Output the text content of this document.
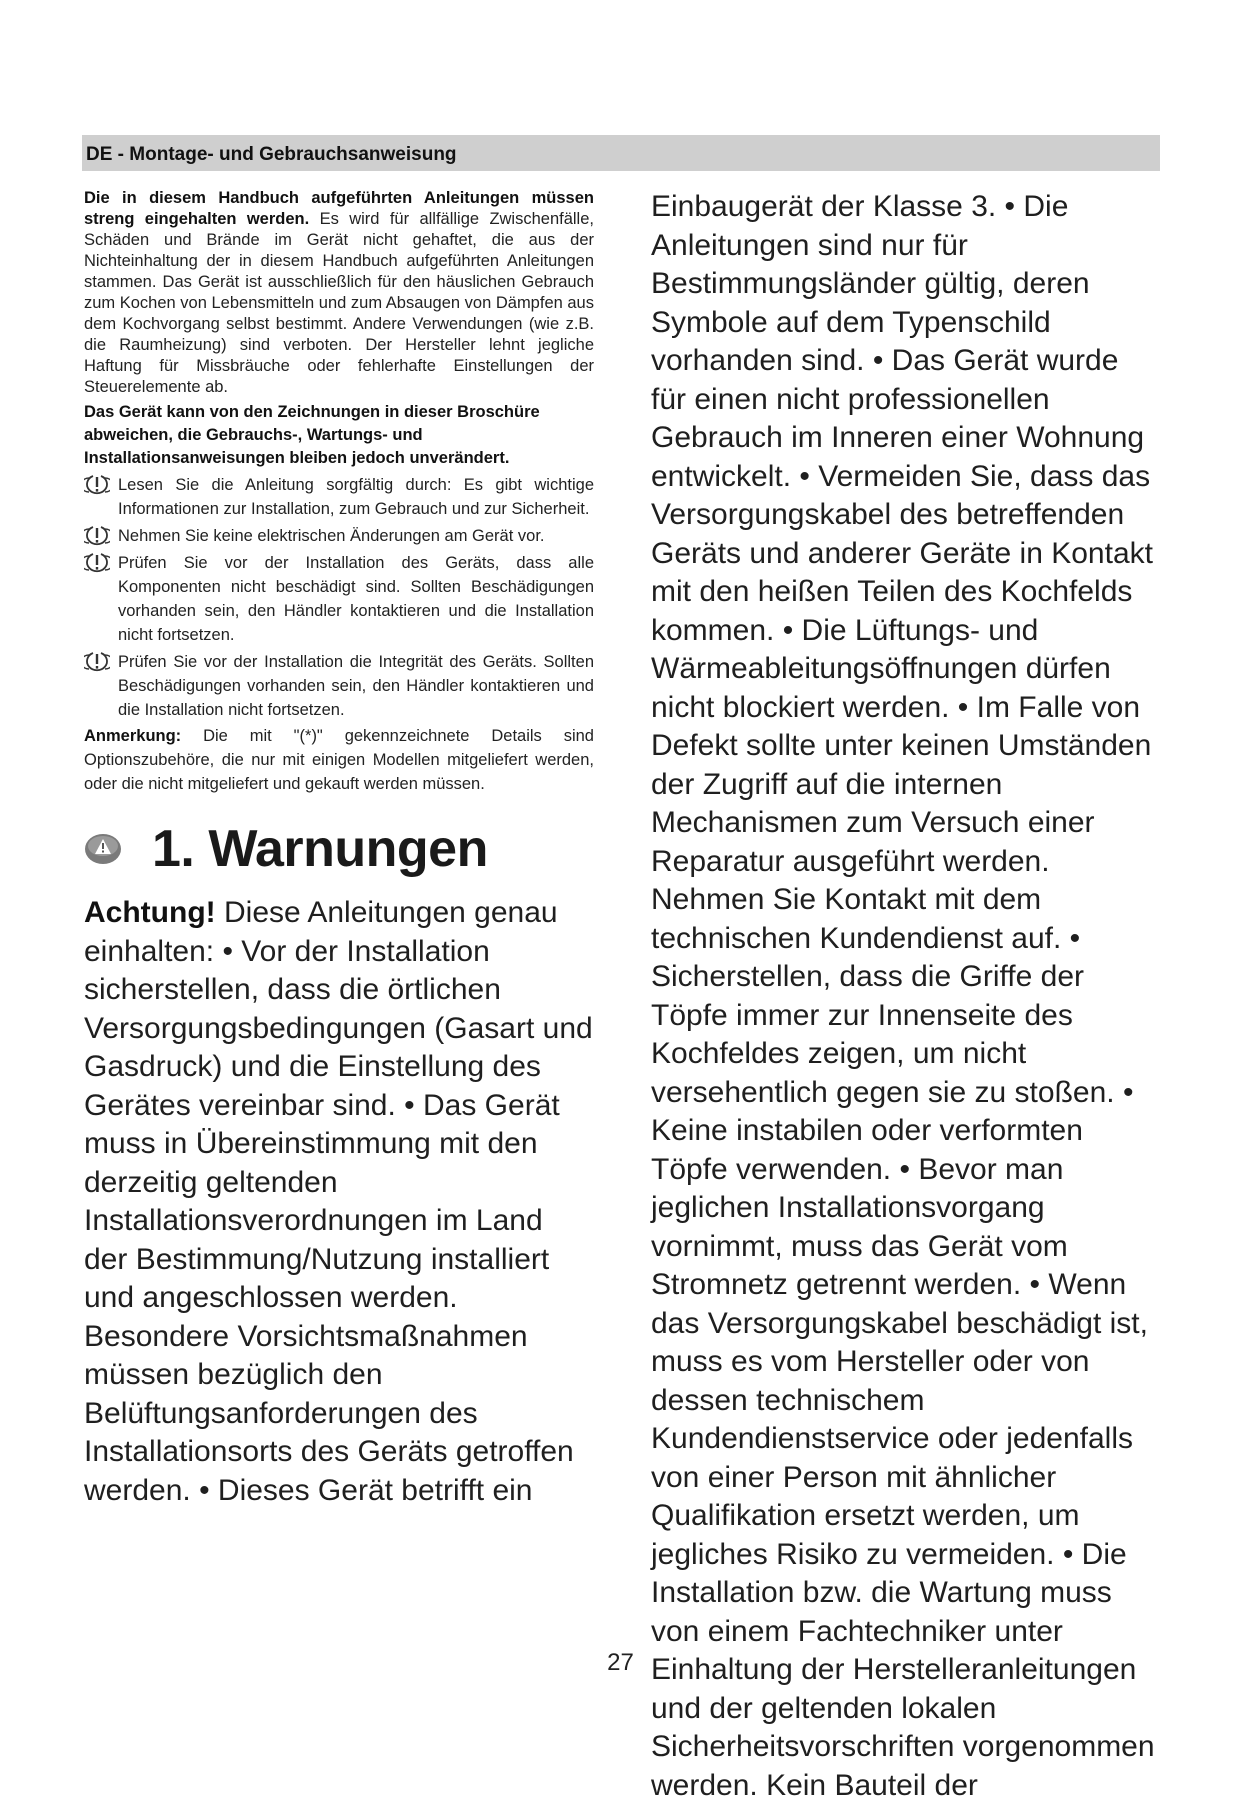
DE - Montage- und Gebrauchsanweisung

Die in diesem Handbuch aufgeführten Anleitungen müssen streng eingehalten werden. Es wird für allfällige Zwischenfälle, Schäden und Brände im Gerät nicht gehaftet, die aus der Nichteinhaltung der in diesem Handbuch aufgeführten Anleitungen stammen. Das Gerät ist ausschließlich für den häuslichen Gebrauch zum Kochen von Lebensmitteln und zum Absaugen von Dämpfen aus dem Kochvorgang selbst bestimmt. Andere Verwendungen (wie z.B. die Raumheizung) sind verboten. Der Hersteller lehnt jegliche Haftung für Missbräuche oder fehlerhafte Einstellungen der Steuerelemente ab.

Das Gerät kann von den Zeichnungen in dieser Broschüre abweichen, die Gebrauchs-, Wartungs- und Installationsanweisungen bleiben jedoch unverändert.

Lesen Sie die Anleitung sorgfältig durch: Es gibt wichtige Informationen zur Installation, zum Gebrauch und zur Sicherheit.
Nehmen Sie keine elektrischen Änderungen am Gerät vor.
Prüfen Sie vor der Installation des Geräts, dass alle Komponenten nicht beschädigt sind. Sollten Beschädigungen vorhanden sein, den Händler kontaktieren und die Installation nicht fortsetzen.
Prüfen Sie vor der Installation die Integrität des Geräts. Sollten Beschädigungen vorhanden sein, den Händler kontaktieren und die Installation nicht fortsetzen.

Anmerkung: Die mit "(*)" gekennzeichnete Details sind Optionszubehöre, die nur mit einigen Modellen mitgeliefert werden, oder die nicht mitgeliefert und gekauft werden müssen.

1. Warnungen

Achtung! Diese Anleitungen genau einhalten: • Vor der Installation sicherstellen, dass die örtlichen Versorgungsbedingungen (Gasart und Gasdruck) und die Einstellung des Gerätes vereinbar sind. • Das Gerät muss in Übereinstimmung mit den derzeitig geltenden Installationsverordnungen im Land der Bestimmung/Nutzung installiert und angeschlossen werden. Besondere Vorsichtsmaßnahmen müssen bezüglich den Belüftungsanforderungen des Installationsorts des Geräts getroffen werden. • Dieses Gerät betrifft ein

Einbaugerät der Klasse 3. • Die Anleitungen sind nur für Bestimmungsländer gültig, deren Symbole auf dem Typenschild vorhanden sind. • Das Gerät wurde für einen nicht professionellen Gebrauch im Inneren einer Wohnung entwickelt. • Vermeiden Sie, dass das Versorgungskabel des betreffenden Geräts und anderer Geräte in Kontakt mit den heißen Teilen des Kochfelds kommen. • Die Lüftungs- und Wärmeableitungsöffnungen dürfen nicht blockiert werden. • Im Falle von Defekt sollte unter keinen Umständen der Zugriff auf die internen Mechanismen zum Versuch einer Reparatur ausgeführt werden. Nehmen Sie Kontakt mit dem technischen Kundendienst auf. • Sicherstellen, dass die Griffe der Töpfe immer zur Innenseite des Kochfeldes zeigen, um nicht versehentlich gegen sie zu stoßen. • Keine instabilen oder verformten Töpfe verwenden. • Bevor man jeglichen Installationsvorgang vornimmt, muss das Gerät vom Stromnetz getrennt werden. • Wenn das Versorgungskabel beschädigt ist, muss es vom Hersteller oder von dessen technischem Kundendienstservice oder jedenfalls von einer Person mit ähnlicher Qualifikation ersetzt werden, um jegliches Risiko zu vermeiden. • Die Installation bzw. die Wartung muss von einem Fachtechniker unter Einhaltung der Herstelleranleitungen und der geltenden lokalen Sicherheitsvorschriften vorgenommen werden. Kein Bauteil der

27
